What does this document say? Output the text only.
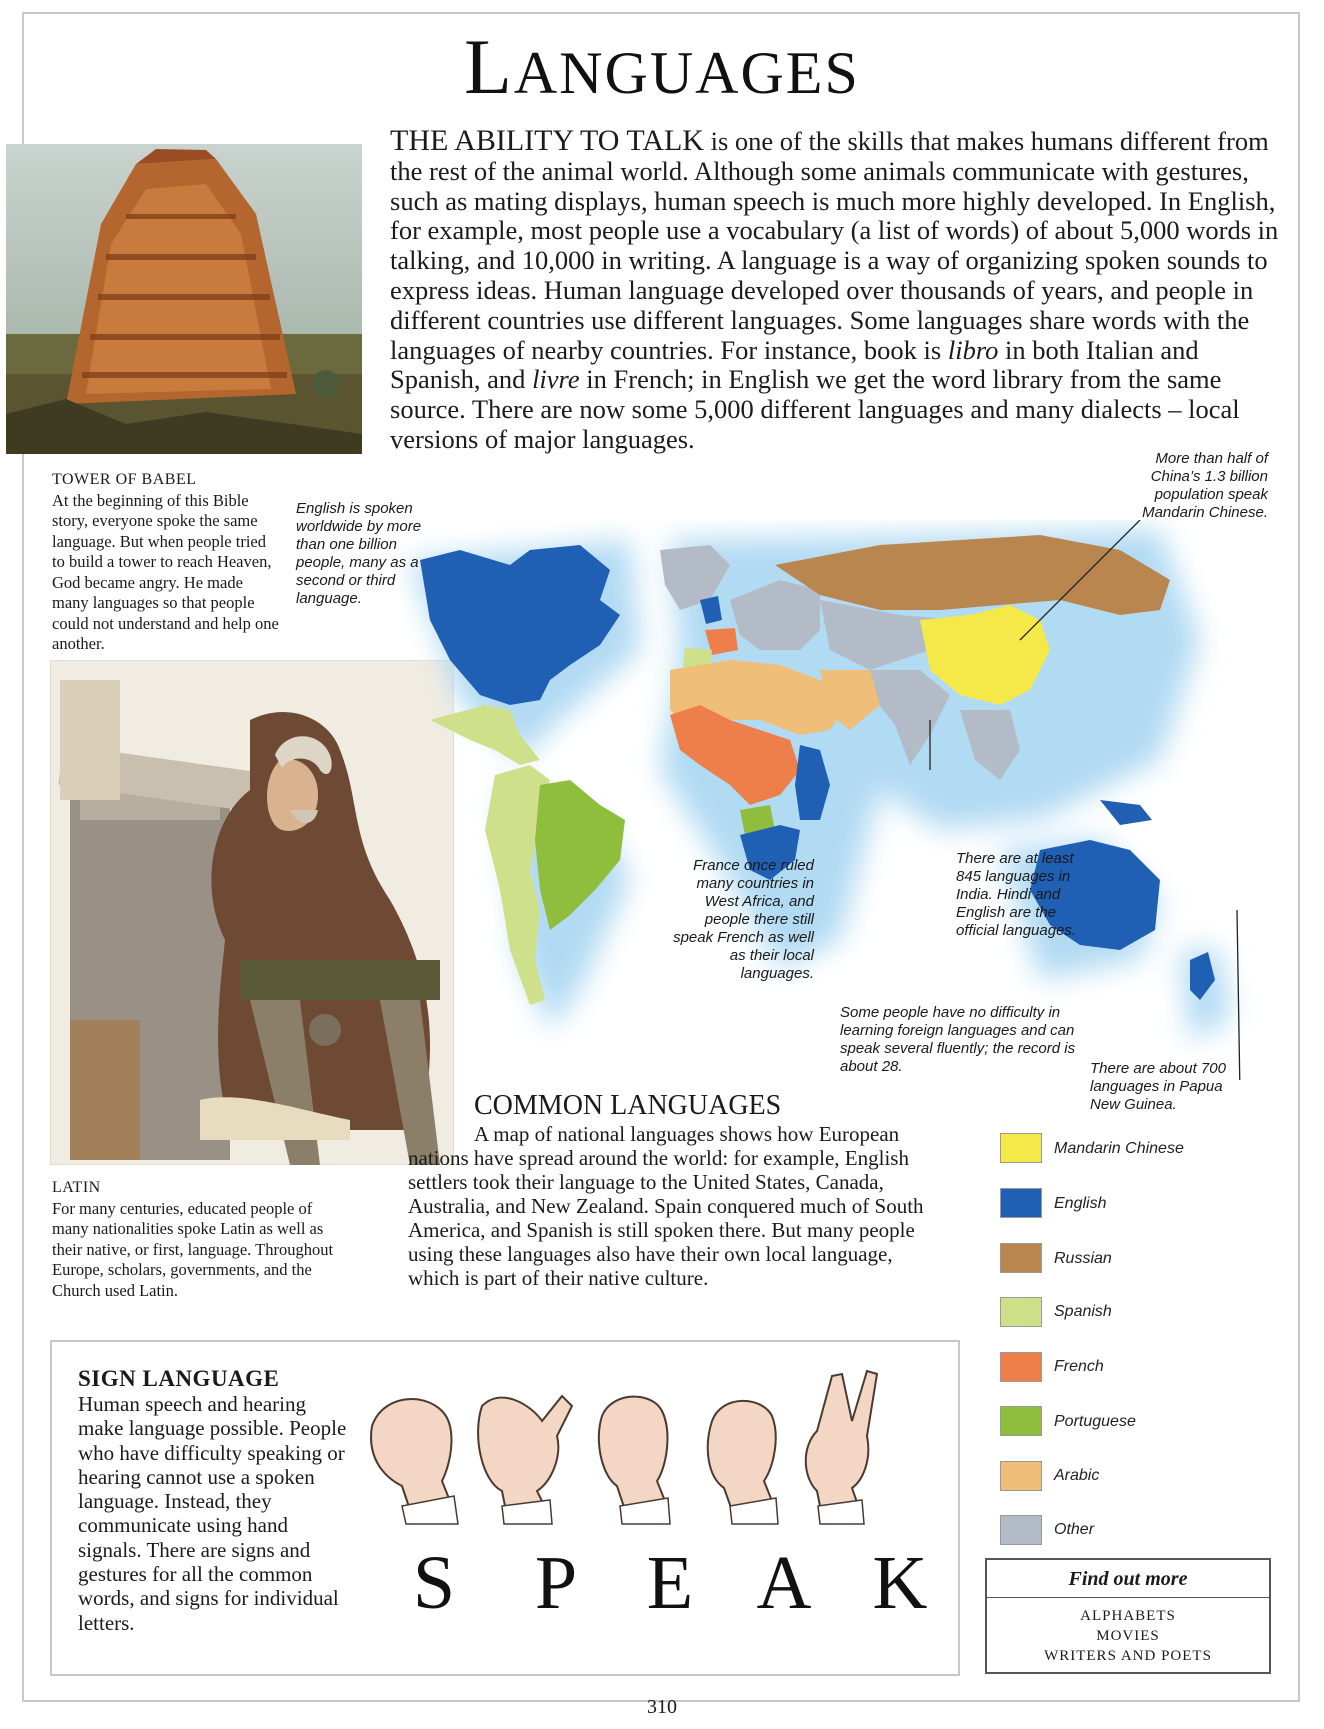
LANGUAGES
THE ABILITY TO TALK is one of the skills that makes humans different from the rest of the animal world. Although some animals communicate with gestures, such as mating displays, human speech is much more highly developed. In English, for example, most people use a vocabulary (a list of words) of about 5,000 words in talking, and 10,000 in writing. A language is a way of organizing spoken sounds to express ideas. Human language developed over thousands of years, and people in different countries use different languages. Some languages share words with the languages of nearby countries. For instance, book is libro in both Italian and Spanish, and livre in French; in English we get the word library from the same source. There are now some 5,000 different languages and many dialects – local versions of major languages.
TOWER OF BABEL
At the beginning of this Bible story, everyone spoke the same language. But when people tried to build a tower to reach Heaven, God became angry. He made many languages so that people could not understand and help one another.
LATIN
For many centuries, educated people of many nationalities spoke Latin as well as their native, or first, language. Throughout Europe, scholars, governments, and the Church used Latin.
English is spoken worldwide by more than one billion people, many as a second or third language.
More than half of China’s 1.3 billion population speak Mandarin Chinese.
France once ruled many countries in West Africa, and people there still speak French as well as their local languages.
There are at least 845 languages in India. Hindi and English are the official languages.
Some people have no difficulty in learning foreign languages and can speak several fluently; the record is about 28.	There are about 700 languages in Papua New Guinea.
COMMON LANGUAGES
A map of national languages shows how European nations have spread around the world: for example, English settlers took their language to the United States, Canada, Australia, and New Zealand. Spain conquered much of South America, and Spanish is still spoken there. But many people using these languages also have their own local language, which is part of their native culture.
Mandarin Chinese
English
Russian
Spanish
French
Portuguese
Arabic
Other
SIGN LANGUAGE
Human speech and hearing make language possible. People who have difficulty speaking or hearing cannot use a spoken language. Instead, they communicate using hand signals. There are signs and gestures for all the common words, and signs for individual letters.	S P E A K	Find out more
ALPHABETS
MOVIES
WRITERS AND POETS
310
